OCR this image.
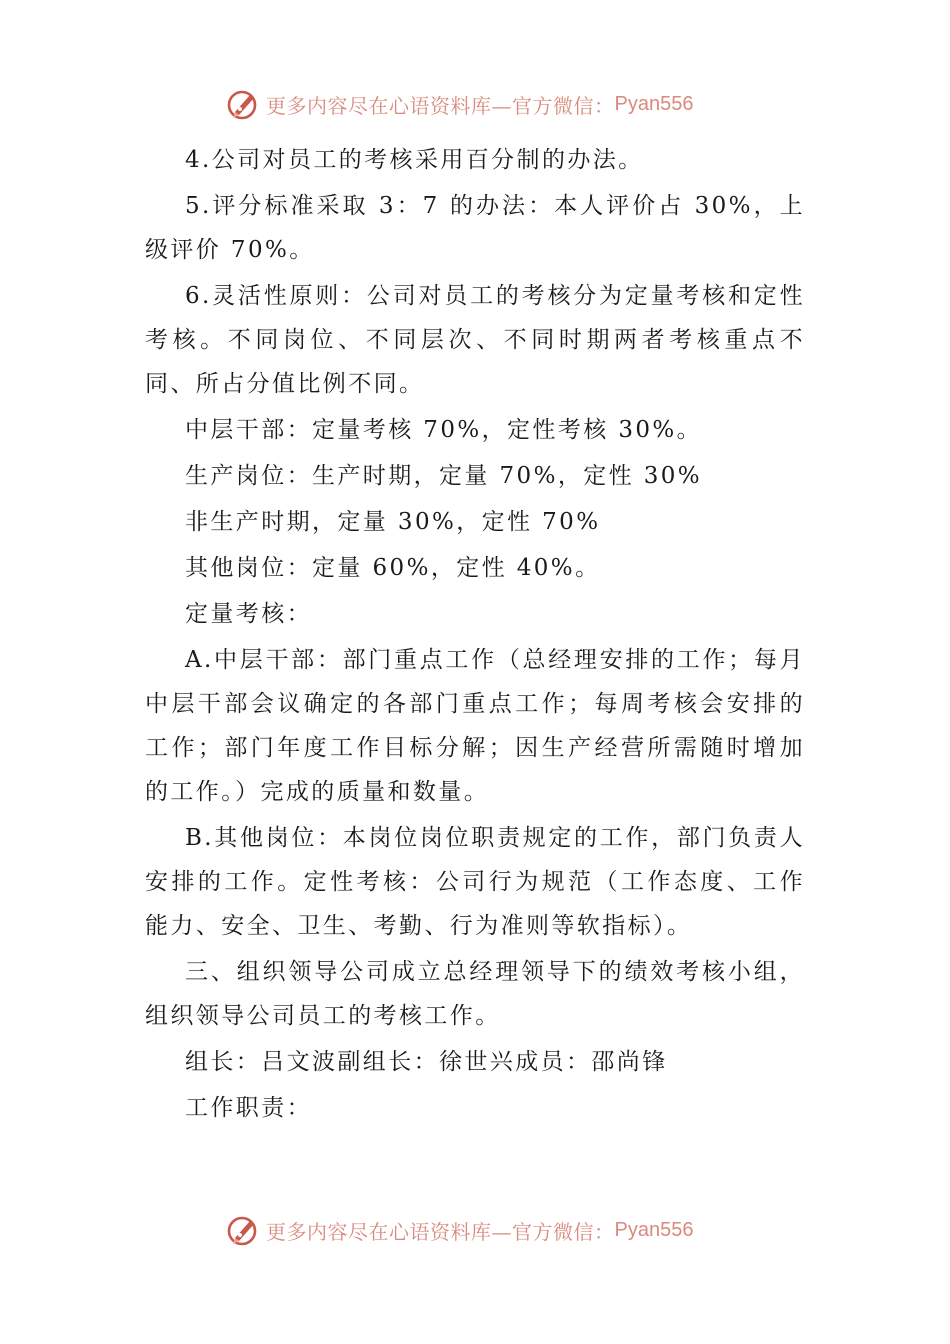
更多内容尽在心语资料库—官方微信： Pyan556

4.公司对员工的考核采用百分制的办法。

5.评分标准采取 3：7 的办法：本人评价占 30%，上级评价 70%。

6.灵活性原则：公司对员工的考核分为定量考核和定性考核。不同岗位、不同层次、不同时期两者考核重点不同、所占分值比例不同。

中层干部：定量考核 70%，定性考核 30%。

生产岗位：生产时期，定量 70%，定性 30%

非生产时期，定量 30%，定性 70%

其他岗位：定量 60%，定性 40%。

定量考核：

A.中层干部：部门重点工作（总经理安排的工作；每月中层干部会议确定的各部门重点工作；每周考核会安排的工作；部门年度工作目标分解；因生产经营所需随时增加的工作。）完成的质量和数量。

B.其他岗位：本岗位岗位职责规定的工作，部门负责人安排的工作。定性考核：公司行为规范（工作态度、工作能力、安全、卫生、考勤、行为准则等软指标）。

三、组织领导公司成立总经理领导下的绩效考核小组，组织领导公司员工的考核工作。

组长：吕文波副组长：徐世兴成员：邵尚锋

工作职责：

更多内容尽在心语资料库—官方微信： Pyan556
